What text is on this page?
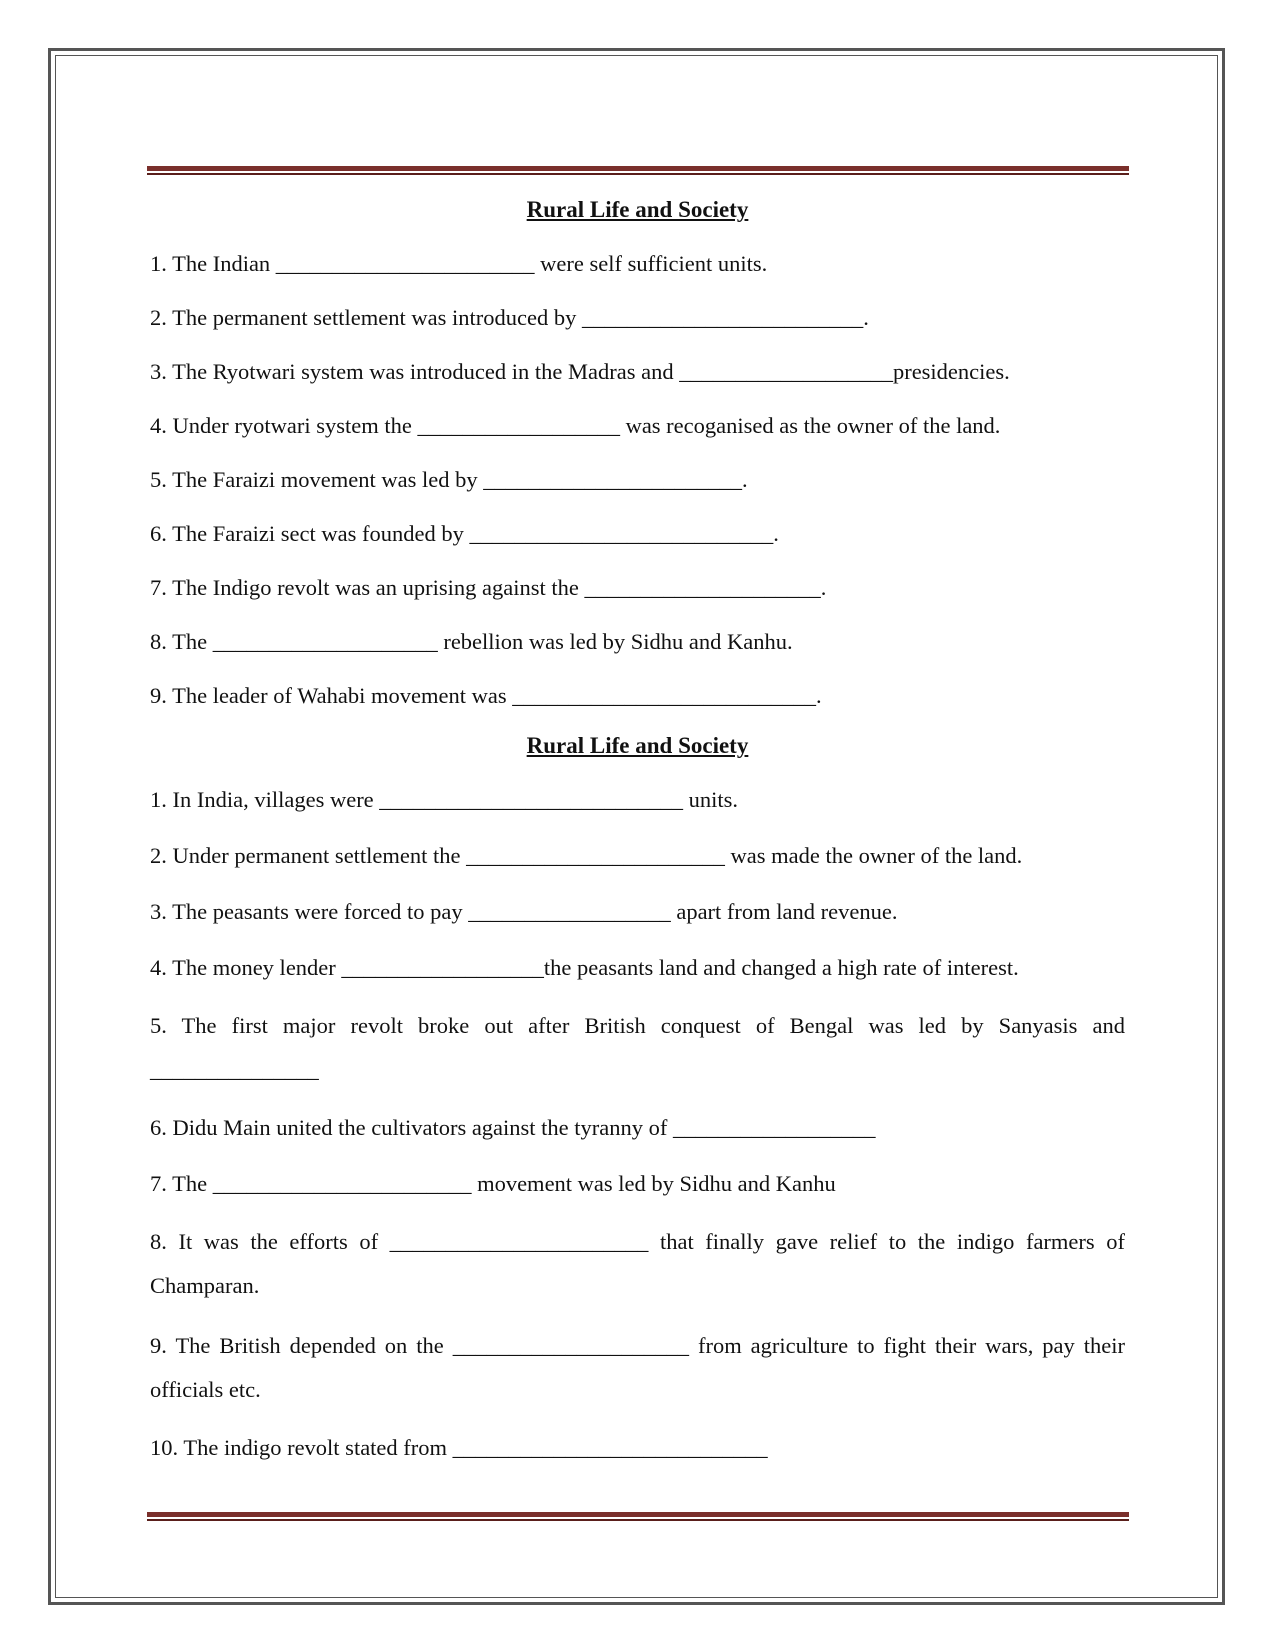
Rural Life and Society

1. The Indian _______________________ were self sufficient units.

2. The permanent settlement was introduced by _________________________.

3. The Ryotwari system was introduced in the Madras and ___________________presidencies.

4. Under ryotwari system the __________________ was recoganised as the owner of the land.

5. The Faraizi movement was led by _______________________.

6. The Faraizi sect was founded by ___________________________.

7. The Indigo revolt was an uprising against the _____________________.

8. The ____________________ rebellion was led by Sidhu and Kanhu.

9. The leader of Wahabi movement was ___________________________.

Rural Life and Society

1. In India, villages were ___________________________ units.

2. Under permanent settlement the _______________________ was made the owner of the land.

3. The peasants were forced to pay __________________ apart from land revenue.

4. The money lender __________________the peasants land and changed a high rate of interest.

5. The first major revolt broke out after British conquest of Bengal was led by Sanyasis and _______________

6. Didu Main united the cultivators against the tyranny of __________________

7. The _______________________ movement was led by Sidhu and Kanhu

8. It was the efforts of _______________________ that finally gave relief to the indigo farmers of Champaran.

9. The British depended on the _____________________ from agriculture to fight their wars, pay their officials etc.

10. The indigo revolt stated from ____________________________
